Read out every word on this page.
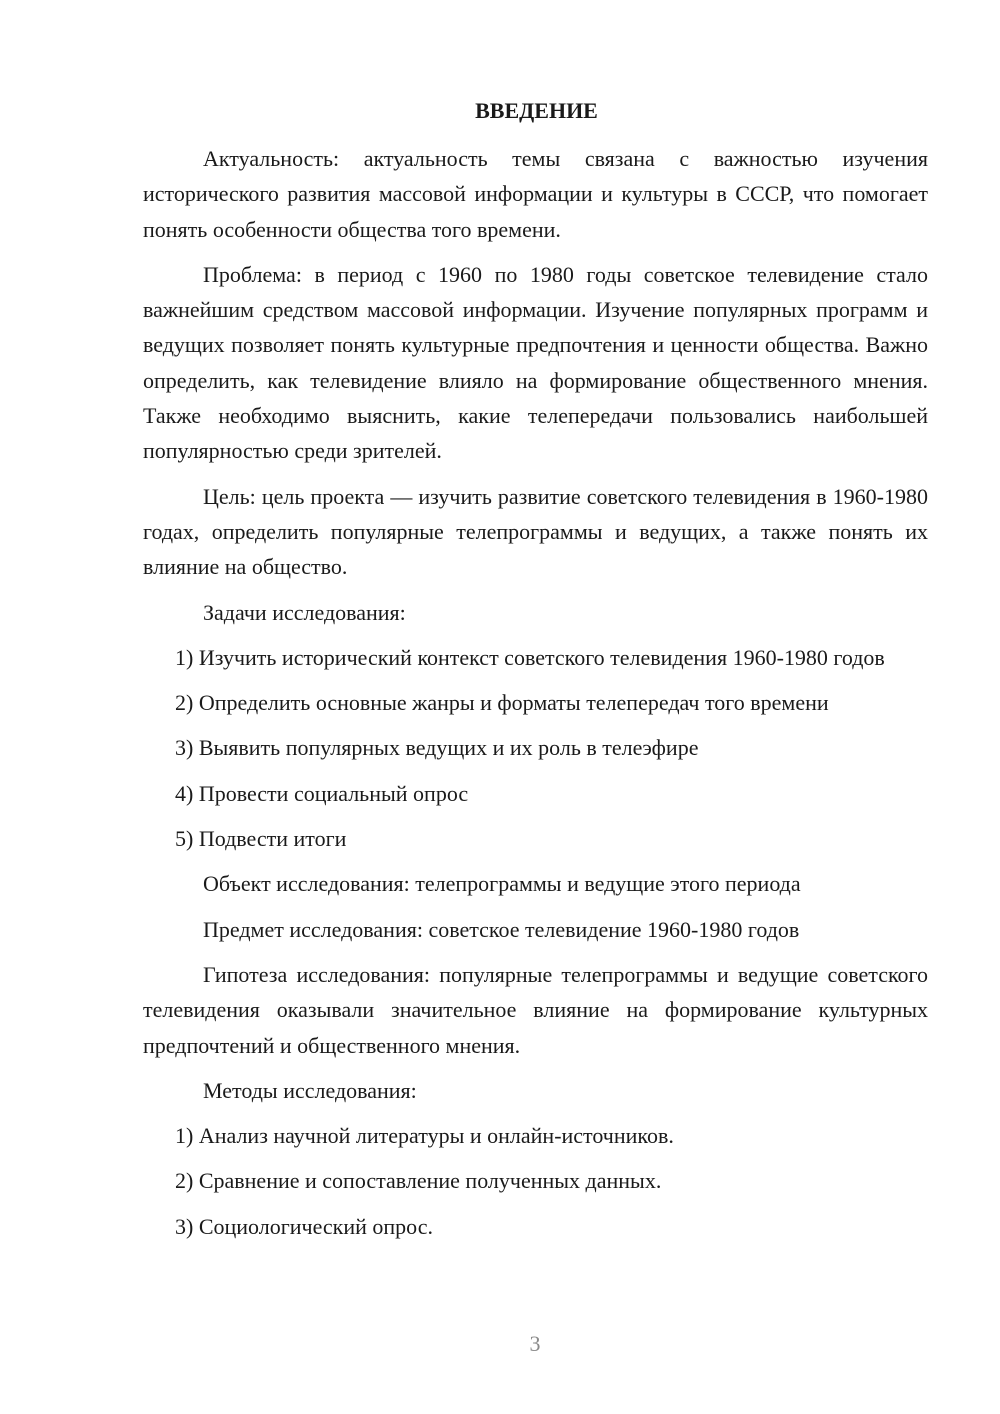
ВВЕДЕНИЕ

Актуальность: актуальность темы связана с важностью изучения исторического развития массовой информации и культуры в СССР, что помогает понять особенности общества того времени.

Проблема: в период с 1960 по 1980 годы советское телевидение стало важнейшим средством массовой информации. Изучение популярных программ и ведущих позволяет понять культурные предпочтения и ценности общества. Важно определить, как телевидение влияло на формирование общественного мнения. Также необходимо выяснить, какие телепередачи пользовались наибольшей популярностью среди зрителей.

Цель: цель проекта — изучить развитие советского телевидения в 1960-1980 годах, определить популярные телепрограммы и ведущих, а также понять их влияние на общество.

Задачи исследования:

1) Изучить исторический контекст советского телевидения 1960-1980 годов

2) Определить основные жанры и форматы телепередач того времени

3) Выявить популярных ведущих и их роль в телеэфире

4) Провести социальный опрос

5) Подвести итоги

Объект исследования: телепрограммы и ведущие этого периода

Предмет исследования: советское телевидение 1960-1980 годов

Гипотеза исследования: популярные телепрограммы и ведущие советского телевидения оказывали значительное влияние на формирование культурных предпочтений и общественного мнения.

Методы исследования:

1) Анализ научной литературы и онлайн-источников.

2) Сравнение и сопоставление полученных данных.

3) Социологический опрос.

3
